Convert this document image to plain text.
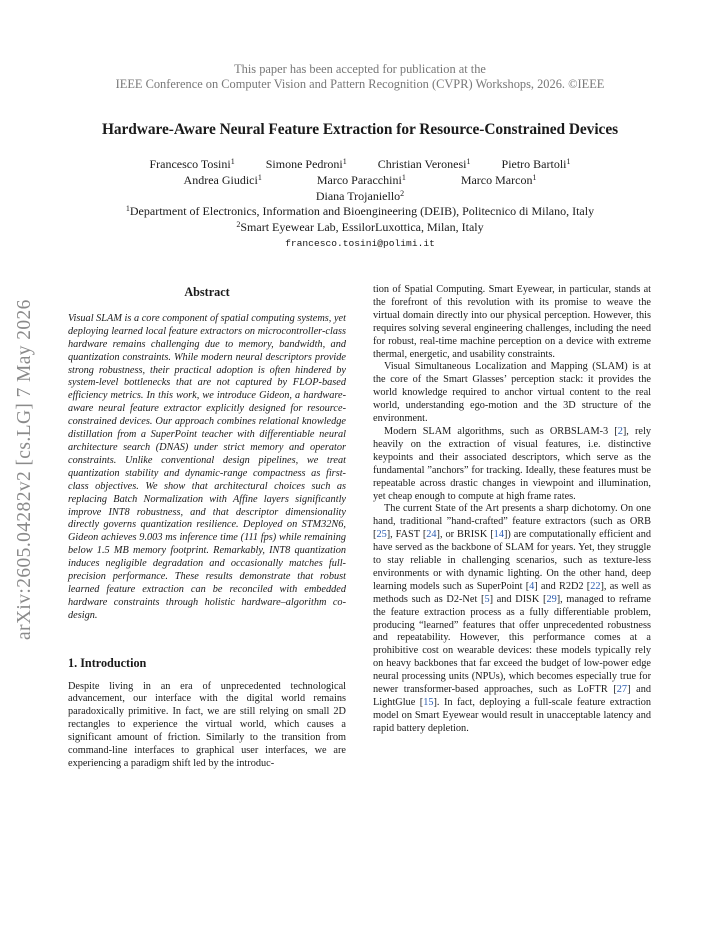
This paper has been accepted for publication at the
IEEE Conference on Computer Vision and Pattern Recognition (CVPR) Workshops, 2026. ©IEEE
Hardware-Aware Neural Feature Extraction for Resource-Constrained Devices
Francesco Tosini$^1$	Simone Pedroni$^1$	Christian Veronesi$^1$	Pietro Bartoli$^1$
Andrea Giudici$^1$	Marco Paracchini$^1$	Marco Marcon$^1$
Diana Trojaniello$^2$
$^1$Department of Electronics, Information and Bioengineering (DEIB), Politecnico di Milano, Italy
$^2$Smart Eyewear Lab, EssilorLuxottica, Milan, Italy
francesco.tosini@polimi.it
arXiv:2605.04282v2 [cs.LG] 7 May 2026
Abstract

Visual SLAM is a core component of spatial computing systems, yet deploying learned local feature extractors on microcontroller-class hardware remains challenging due to memory, bandwidth, and quantization constraints. While modern neural descriptors provide strong robustness, their practical adoption is often hindered by system-level bottlenecks that are not captured by FLOP-based efficiency metrics. In this work, we introduce Gideon, a hardware-aware neural feature extractor explicitly designed for resource-constrained devices. Our approach combines relational knowledge distillation from a SuperPoint teacher with differentiable neural architecture search (DNAS) under strict memory and operator constraints. Unlike conventional design pipelines, we treat quantization stability and dynamic-range compactness as first-class objectives. We show that architectural choices such as replacing Batch Normalization with Affine layers significantly improve INT8 robustness, and that descriptor dimensionality directly governs quantization resilience. Deployed on STM32N6, Gideon achieves 9.003 ms inference time (111 fps) while remaining below 1.5 MB memory footprint. Remarkably, INT8 quantization induces negligible degradation and occasionally matches full-precision performance. These results demonstrate that robust learned feature extraction can be reconciled with embedded hardware constraints through holistic hardware–algorithm co-design.

1. Introduction

Despite living in an era of unprecedented technological advancement, our interface with the digital world remains paradoxically primitive. In fact, we are still relying on small 2D rectangles to experience the virtual world, which causes a significant amount of friction. Similarly to the transition from command-line interfaces to graphical user interfaces, we are experiencing a paradigm shift led by the introduc-

tion of Spatial Computing. Smart Eyewear, in particular, stands at the forefront of this revolution with its promise to weave the virtual domain directly into our physical perception. However, this requires solving several engineering challenges, including the need for robust, real-time machine perception on a device with extreme thermal, energetic, and usability constraints.

Visual Simultaneous Localization and Mapping (SLAM) is at the core of the Smart Glasses’ perception stack: it provides the world knowledge required to anchor virtual content to the real world, understanding ego-motion and the 3D structure of the environment.

Modern SLAM algorithms, such as ORBSLAM-3 [2], rely heavily on the extraction of visual features, i.e. distinctive keypoints and their associated descriptors, which serve as the fundamental ”anchors” for tracking. Ideally, these features must be repeatable across drastic changes in viewpoint and illumination, yet cheap enough to compute at high frame rates.

The current State of the Art presents a sharp dichotomy. On one hand, traditional ”hand-crafted” feature extractors (such as ORB [25], FAST [24], or BRISK [14]) are computationally efficient and have served as the backbone of SLAM for years. Yet, they struggle to stay reliable in challenging scenarios, such as texture-less environments or with dynamic lighting. On the other hand, deep learning models such as SuperPoint [4] and R2D2 [22], as well as methods such as D2-Net [5] and DISK [29], managed to reframe the feature extraction process as a fully differentiable problem, producing “learned” features that offer unprecedented robustness and repeatability. However, this performance comes at a prohibitive cost on wearable devices: these models typically rely on heavy backbones that far exceed the budget of low-power edge neural processing units (NPUs), which becomes especially true for newer transformer-based approaches, such as LoFTR [27] and LightGlue [15]. In fact, deploying a full-scale feature extraction model on Smart Eyewear would result in unacceptable latency and rapid battery depletion.
